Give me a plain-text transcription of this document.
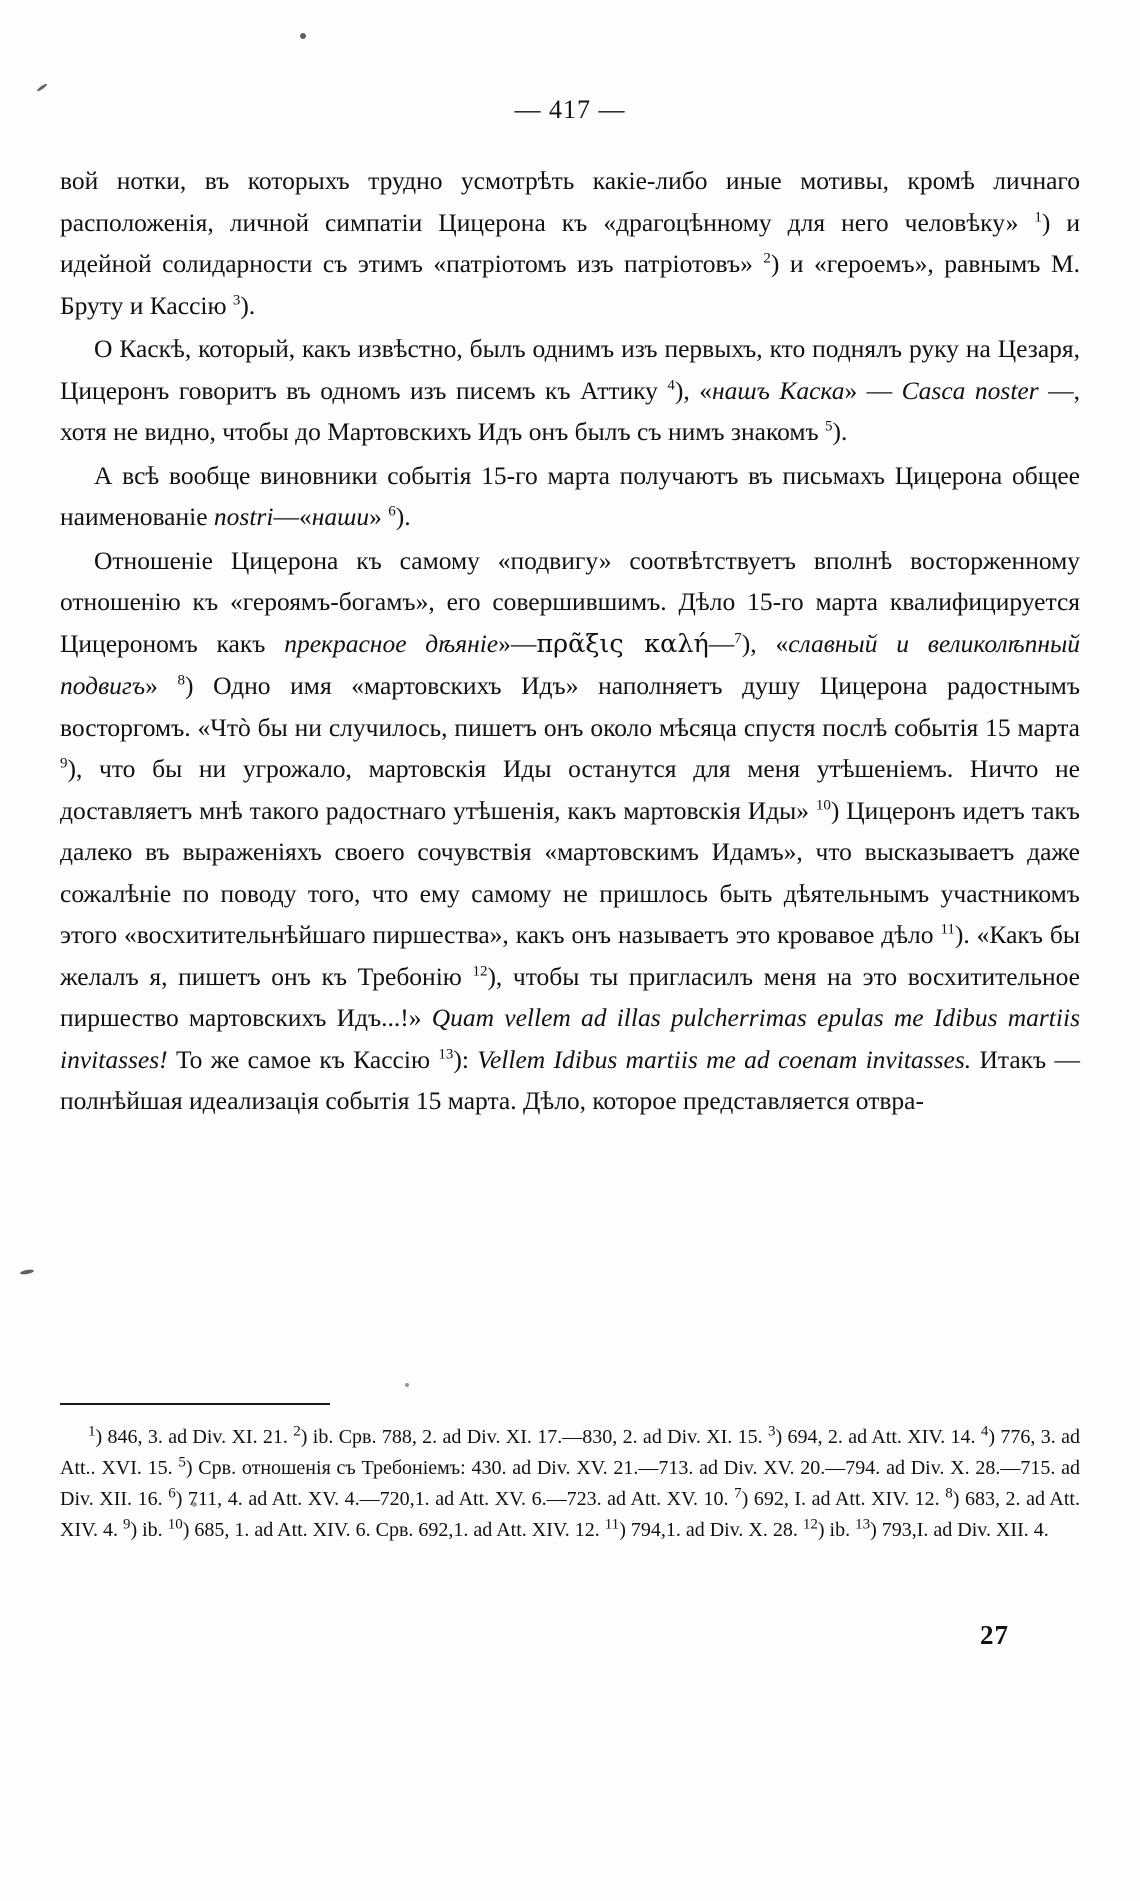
— 417 —

вой нотки, въ которыхъ трудно усмотрѣть какіе-либо иные мотивы, кромѣ личнаго расположенія, личной симпатіи Цицерона къ «драгоцѣнному для него человѣку» $^1$) и идейной солидарности съ этимъ «патріотомъ изъ патріотовъ» $^2$) и «героемъ», равнымъ М. Бруту и Кассію $^3$).

О Каскѣ, который, какъ извѣстно, былъ однимъ изъ первыхъ, кто поднялъ руку на Цезаря, Цицеронъ говоритъ въ одномъ изъ писемъ къ Аттику $^4$), «нашъ Каска» — Casca noster —, хотя не видно, чтобы до Мартовскихъ Идъ онъ былъ съ нимъ знакомъ $^5$).

А всѣ вообще виновники событія 15-го марта получаютъ въ письмахъ Цицерона общее наименованіе nostri—«наши» $^6$).

Отношеніе Цицерона къ самому «подвигу» соотвѣтствуетъ вполнѣ восторженному отношенію къ «героямъ-богамъ», его совершившимъ. Дѣло 15-го марта квалифицируется Цицерономъ какъ прекрасное дѣяніе»—πρᾶξις καλή—$^7$), «славный и великолѣпный подвигъ» $^8$) Одно имя «мартовскихъ Идъ» наполняетъ душу Цицерона радостнымъ восторгомъ. «Чтò бы ни случилось, пишетъ онъ около мѣсяца спустя послѣ событія 15 марта $^9$), что бы ни угрожало, мартовскія Иды останутся для меня утѣшеніемъ. Ничто не доставляетъ мнѣ такого радостнаго утѣшенія, какъ мартовскія Иды» $^{10}$) Цицеронъ идетъ такъ далеко въ выраженіяхъ своего сочувствія «мартовскимъ Идамъ», что высказываетъ даже сожалѣніе по поводу того, что ему самому не пришлось быть дѣятельнымъ участникомъ этого «восхитительнѣйшаго пиршества», какъ онъ называетъ это кровавое дѣло $^{11}$). «Какъ бы желалъ я, пишетъ онъ къ Требонію $^{12}$), чтобы ты пригласилъ меня на это восхитительное пиршество мартовскихъ Идъ...!» Quam vellem ad illas pulcherrimas epulas me Idibus martiis invitasses! То же самое къ Кассію $^{13}$): Vellem Idibus martiis me ad coenam invitasses. Итакъ — полнѣйшая идеализація событія 15 марта. Дѣло, которое представляется отвра-

$^1$) 846, 3. ad Div. XI. 21. $^2$) ib. Срв. 788, 2. ad Div. XI. 17.—830, 2. ad Div. XI. 15. $^3$) 694, 2. ad Att. XIV. 14. $^4$) 776, 3. ad Att.. XVI. 15. $^5$) Срв. отношенія съ Требоніемъ: 430. ad Div. XV. 21.—713. ad Div. XV. 20.—794. ad Div. X. 28.—715. ad Div. XII. 16. $^6$) 711, 4. ad Att. XV. 4.—720,1. ad Att. XV. 6.—723. ad Att. XV. 10. $^7$) 692, I. ad Att. XIV. 12. $^8$) 683, 2. ad Att. XIV. 4. $^9$) ib. $^{10}$) 685, 1. ad Att. XIV. 6. Срв. 692,1. ad Att. XIV. 12. $^{11}$) 794,1. ad Div. X. 28. $^{12}$) ib. $^{13}$) 793,I. ad Div. XII. 4.

27
